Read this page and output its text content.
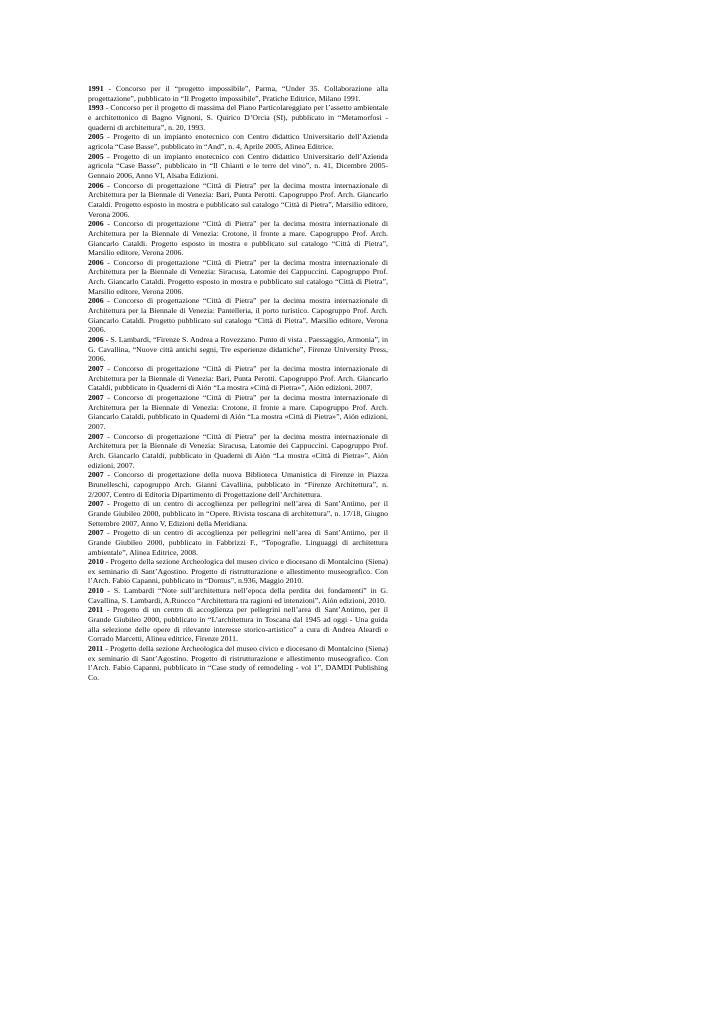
1991 - Concorso per il “progetto impossibile”, Parma, “Under 35. Collaborazione alla progettazione”, pubblicato in “Il Progetto impossibile”, Pratiche Editrice, Milano 1991.

1993 - Concorso per il progetto di massima del Piano Particolareggiato per l’assetto ambientale e architettonico di Bagno Vignoni, S. Quirico D’Orcia (SI), pubblicato in “Metamorfosi - quaderni di architettura”, n. 20, 1993.

2005 - Progetto di un impianto enotecnico con Centro didattico Universitario dell’Azienda agricola “Case Basse”, pubblicato in “And”, n. 4, Aprile 2005, Alinea Editrice.

2005 - Progetto di un impianto enotecnico con Centro didattico Universitario dell’Azienda agricola “Case Basse”, pubblicato in “Il Chianti e le terre del vino”, n. 41, Dicembre 2005-Gennaio 2006, Anno VI, Alsaba Edizioni.

2006 - Concorso di progettazione “Città di Pietra” per la decima mostra internazionale di Architettura per la Biennale di Venezia: Bari, Punta Perotti. Capogruppo Prof. Arch. Giancarlo Cataldi. Progetto esposto in mostra e pubblicato sul catalogo “Città di Pietra”, Marsilio editore, Verona 2006.

2006 - Concorso di progettazione “Città di Pietra” per la decima mostra internazionale di Architettura per la Biennale di Venezia: Crotone, il fronte a mare. Capogruppo Prof. Arch. Giancarlo Cataldi. Progetto esposto in mostra e pubblicato sul catalogo “Città di Pietra”, Marsilio editore, Verona 2006.

2006 - Concorso di progettazione “Città di Pietra” per la decima mostra internazionale di Architettura per la Biennale di Venezia: Siracusa, Latomie dei Cappuccini. Capogruppo Prof. Arch. Giancarlo Cataldi. Progetto esposto in mostra e pubblicato sul catalogo “Città di Pietra”, Marsilio editore, Verona 2006.

2006 - Concorso di progettazione “Città di Pietra” per la decima mostra internazionale di Architettura per la Biennale di Venezia: Pantelleria, il porto turistico. Capogruppo Prof. Arch. Giancarlo Cataldi. Progetto pubblicato sul catalogo “Città di Pietra”, Marsilio editore, Verona 2006.

2006 - S. Lambardi, “Firenze S. Andrea a Rovezzano. Punto di vista . Paessaggio, Armonia”, in G. Cavallina, “Nuove città antichi segni, Tre esperienze didattiche”, Firenze University Press, 2006.

2007 - Concorso di progettazione “Città di Pietra” per la decima mostra internazionale di Architettura per la Biennale di Venezia: Bari, Punta Perotti. Capogruppo Prof. Arch. Giancarlo Cataldi, pubblicato in Quaderni di Aión “La mostra «Città di Pietra»”, Aión edizioni, 2007.

2007 - Concorso di progettazione “Città di Pietra” per la decima mostra internazionale di Architettura per la Biennale di Venezia: Crotone, il fronte a mare. Capogruppo Prof. Arch. Giancarlo Cataldi, pubblicato in Quaderni di Aión “La mostra «Città di Pietra»”, Aión edizioni, 2007.

2007 - Concorso di progettazione “Città di Pietra” per la decima mostra internazionale di Architettura per la Biennale di Venezia: Siracusa, Latomie dei Cappuccini. Capogruppo Prof. Arch. Giancarlo Cataldi, pubblicato in Quaderni di Aión “La mostra «Città di Pietra»”, Aión edizioni, 2007.

2007 - Concorso di progettazione della nuova Biblioteca Umanistica di Firenze in Piazza Brunelleschi, capogruppo Arch. Gianni Cavallina, pubblicato in “Firenze Architettura”, n. 2/2007, Centro di Editoria Dipartimento di Progettazione dell’Architettura.

2007 - Progetto di un centro di accoglienza per pellegrini nell’area di Sant’Antimo, per il Grande Giubileo 2000, pubblicato in “Opere. Rivista toscana di architettura”, n. 17/18, Giugno Settembre 2007, Anno V, Edizioni della Meridiana.

2007 - Progetto di un centro di accoglienza per pellegrini nell’area di Sant’Antimo, per il Grande Giubileo 2000, pubblicato in Fabbrizzi F., “Topografie. Linguaggi di architettura ambientale”, Alinea Editrice, 2008.

2010 - Progetto della sezione Archeologica del museo civico e diocesano di Montalcino (Siena) ex seminario di Sant’Agostino. Progetto di ristrutturazione e allestimento museografico. Con l’Arch. Fabio Capanni, pubblicato in “Domus”, n.936, Maggio 2010.

2010 - S. Lambardi “Note sull’architettura nell’epoca della perdita dei fondamenti” in G. Cavallina, S. Lambardi, A.Ruocco “Architettura tra ragioni ed intenzioni”, Aión edizioni, 2010.

2011 - Progetto di un centro di accoglienza per pellegrini nell’area di Sant’Antimo, per il Grande Giubileo 2000, pubblicato in “L’architettura in Toscana dal 1945 ad oggi - Una guida alla selezione delle opere di rilevante interesse storico-artistico” a cura di Andrea Aleardi e Corrado Marcetti, Alinea editrice, Firenze 2011.

2011 - Progetto della sezione Archeologica del museo civico e diocesano di Montalcino (Siena) ex seminario di Sant’Agostino. Progetto di ristrutturazione e allestimento museografico. Con l’Arch. Fabio Capanni, pubblicato in “Case study of remodeling - vol 1”, DAMDI Publishing Co.
